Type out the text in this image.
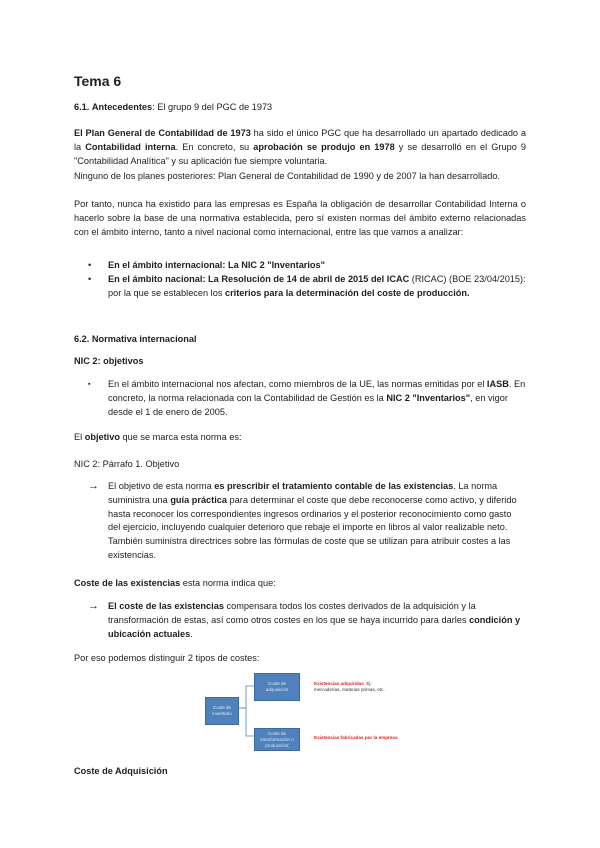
Tema 6
6.1. Antecedentes: El grupo 9 del PGC de 1973

El Plan General de Contabilidad de 1973 ha sido el único PGC que ha desarrollado un apartado dedicado a la Contabilidad interna. En concreto, su aprobación se produjo en 1978 y se desarrolló en el Grupo 9 "Contabilidad Analítica" y su aplicación fue siempre voluntaria.

Ninguno de los planes posteriores: Plan General de Contabilidad de 1990 y de 2007 la han desarrollado.

Por tanto, nunca ha existido para las empresas es España la obligación de desarrollar Contabilidad Interna o hacerlo sobre la base de una normativa establecida, pero sí existen normas del ámbito externo relacionadas con el ámbito interno, tanto a nivel nacional como internacional, entre las que vamos a analizar:

• En el ámbito internacional: La NIC 2 "Inventarios"
• En el ámbito nacional: La Resolución de 14 de abril de 2015 del ICAC (RICAC) (BOE 23/04/2015): por la que se establecen los criterios para la determinación del coste de producción.
6.2. Normativa internacional
NIC 2: objetivos
▪ En el ámbito internacional nos afectan, como miembros de la UE, las normas emitidas por el IASB. En concreto, la norma relacionada con la Contabilidad de Gestión es la NIC 2 "Inventarios", en vigor desde el 1 de enero de 2005.
El objetivo que se marca esta norma es:
NIC 2: Párrafo 1. Objetivo
→ El objetivo de esta norma es prescribir el tratamiento contable de las existencias. La norma suministra una guía práctica para determinar el coste que debe reconocerse como activo, y diferido hasta reconocer los correspondientes ingresos ordinarios y el posterior reconocimiento como gasto del ejercicio, incluyendo cualquier deterioro que rebaje el importe en libros al valor realizable neto. También suministra directrices sobre las fórmulas de coste que se utilizan para atribuir costes a las existencias.
Coste de las existencias esta norma indica que:
→ El coste de las existencias compensara todos los costes derivados de la adquisición y la transformación de estas, así como otros costes en los que se haya incurrido para darles condición y ubicación actuales.
Por eso podemos distinguir 2 tipos de costes:
Coste de
inventario
Coste de
adquisición
Coste de
transformación o
producción(
Existencias adquiridas  Ej:
mercaderías, materias primas, etc.
Existencias fabricadas por la empresa
Coste de Adquisición
